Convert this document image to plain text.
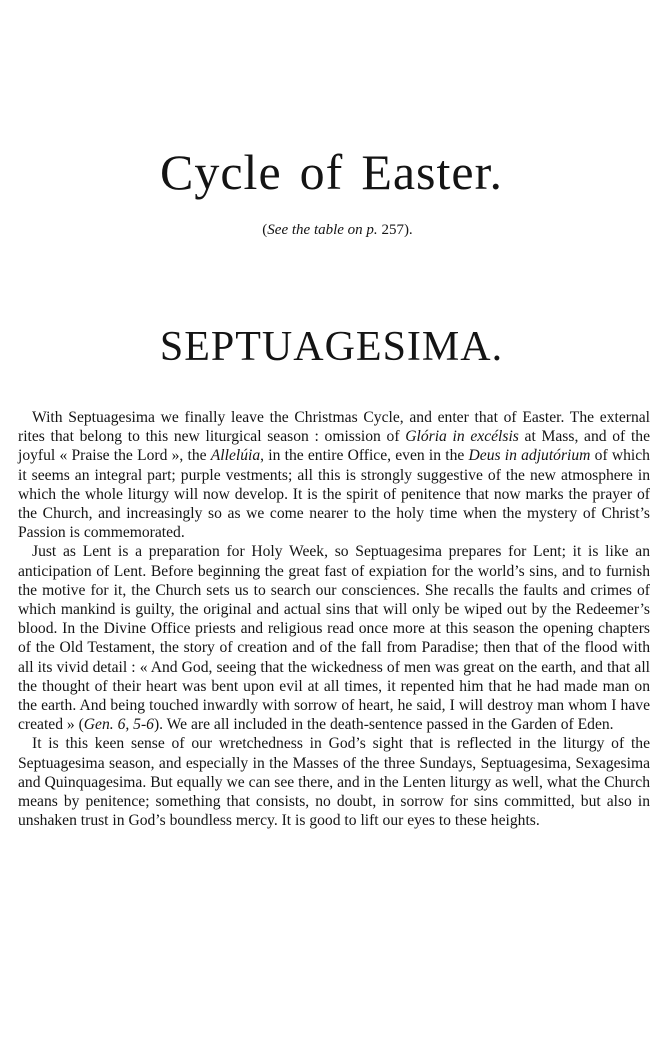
Cycle of Easter.

(See the table on p. 257).

SEPTUAGESIMA.

With Septuagesima we finally leave the Christmas Cycle, and enter that of Easter. The external rites that belong to this new liturgical season : omission of Glória in excélsis at Mass, and of the joyful « Praise the Lord », the Allelúia, in the entire Office, even in the Deus in adjutórium of which it seems an integral part; purple vestments; all this is strongly suggestive of the new atmosphere in which the whole liturgy will now develop. It is the spirit of penitence that now marks the prayer of the Church, and increasingly so as we come nearer to the holy time when the mystery of Christ’s Passion is commemorated.

Just as Lent is a preparation for Holy Week, so Septuagesima prepares for Lent; it is like an anticipation of Lent. Before beginning the great fast of expiation for the world’s sins, and to furnish the motive for it, the Church sets us to search our consciences. She recalls the faults and crimes of which mankind is guilty, the original and actual sins that will only be wiped out by the Redeemer’s blood. In the Divine Office priests and religious read once more at this season the opening chapters of the Old Testament, the story of creation and of the fall from Paradise; then that of the flood with all its vivid detail : « And God, seeing that the wickedness of men was great on the earth, and that all the thought of their heart was bent upon evil at all times, it repented him that he had made man on the earth. And being touched inwardly with sorrow of heart, he said, I will destroy man whom I have created » (Gen. 6, 5-6). We are all included in the death-sentence passed in the Garden of Eden.

It is this keen sense of our wretchedness in God’s sight that is reflected in the liturgy of the Septuagesima season, and especially in the Masses of the three Sundays, Septuagesima, Sexagesima and Quinquagesima. But equally we can see there, and in the Lenten liturgy as well, what the Church means by penitence; something that consists, no doubt, in sorrow for sins committed, but also in unshaken trust in God’s boundless mercy. It is good to lift our eyes to these heights.
